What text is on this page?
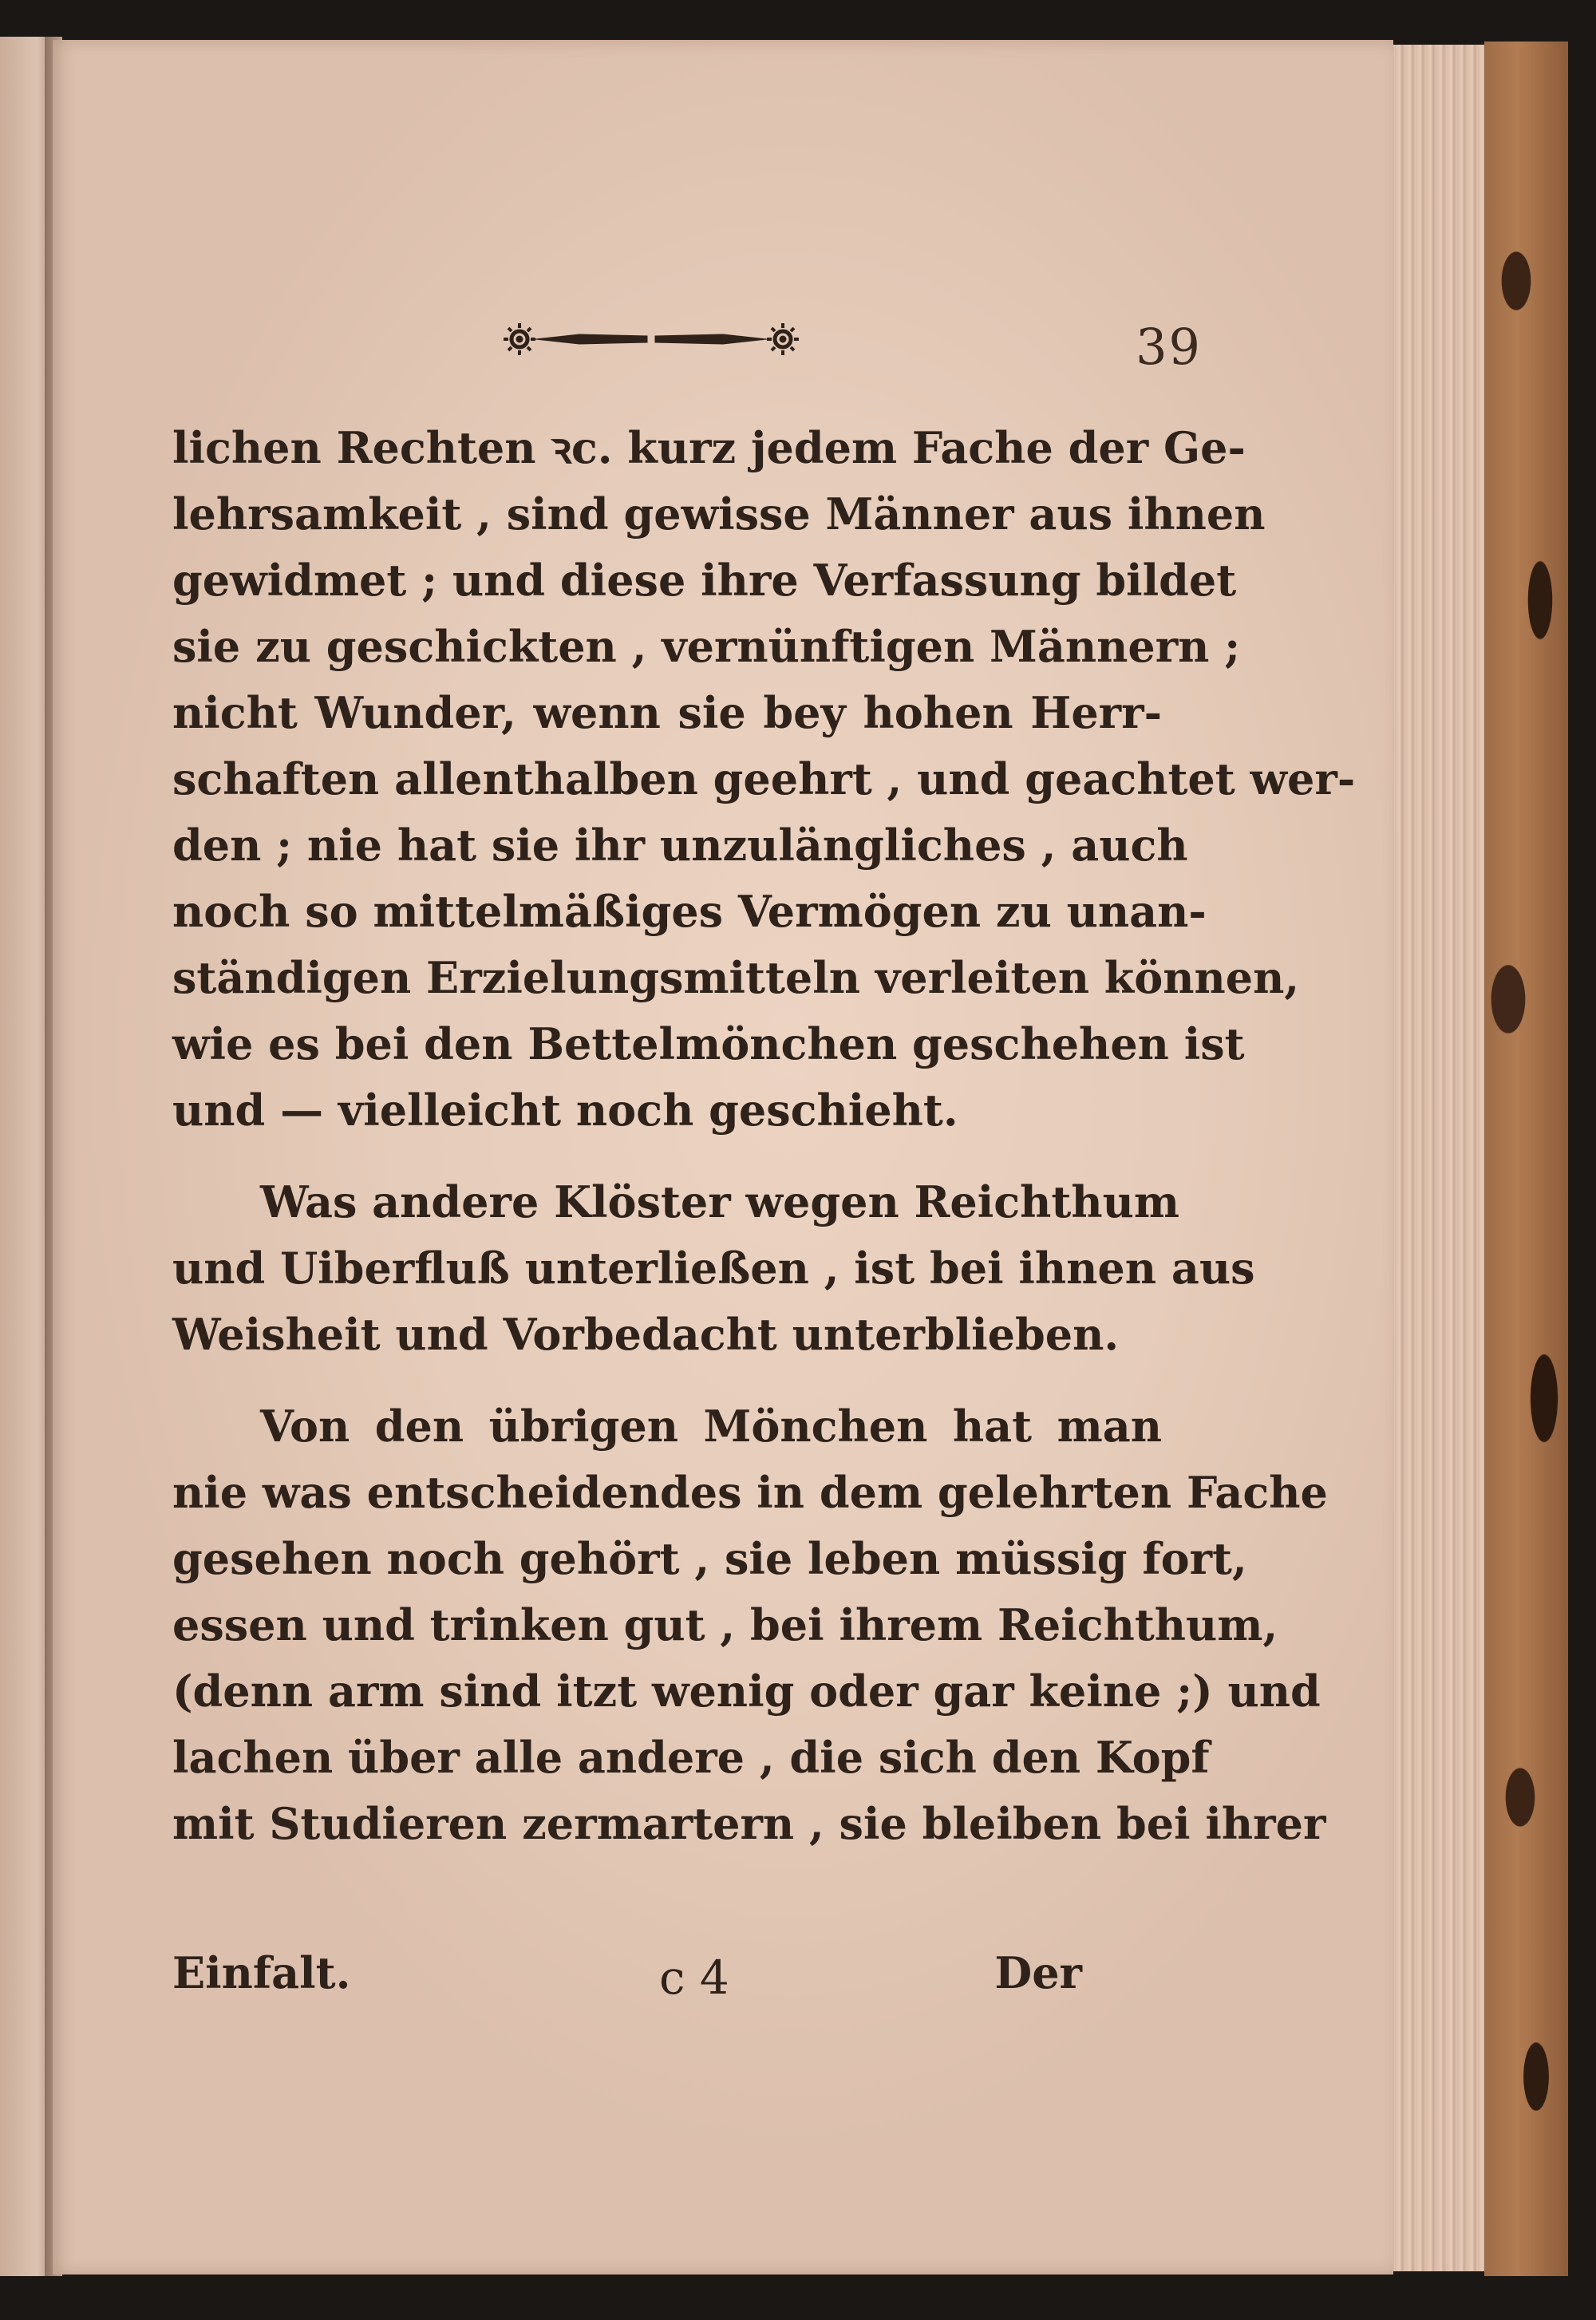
39
lichen Rechten ꝛc. kurz jedem Fache der Ge-
lehrsamkeit , sind gewisse Männer aus ihnen
gewidmet ; und diese ihre Verfassung bildet
sie zu geschickten , vernünftigen Männern ;
nicht Wunder, wenn sie bey hohen Herr-
schaften allenthalben geehrt , und geachtet wer-
den ; nie hat sie ihr unzulängliches , auch
noch so mittelmäßiges Vermögen zu unan-
ständigen Erzielungsmitteln verleiten können,
wie es bei den Bettelmönchen geschehen ist
und — vielleicht noch geschieht.
Was andere Klöster wegen Reichthum
und Uiberfluß unterließen , ist bei ihnen aus
Weisheit und Vorbedacht unterblieben.
Von den übrigen Mönchen hat man
nie was entscheidendes in dem gelehrten Fache
gesehen noch gehört , sie leben müssig fort,
essen und trinken gut , bei ihrem Reichthum,
(denn arm sind itzt wenig oder gar keine ;) und
lachen über alle andere , die sich den Kopf
mit Studieren zermartern , sie bleiben bei ihrer
Einfalt.	c 4	Der
